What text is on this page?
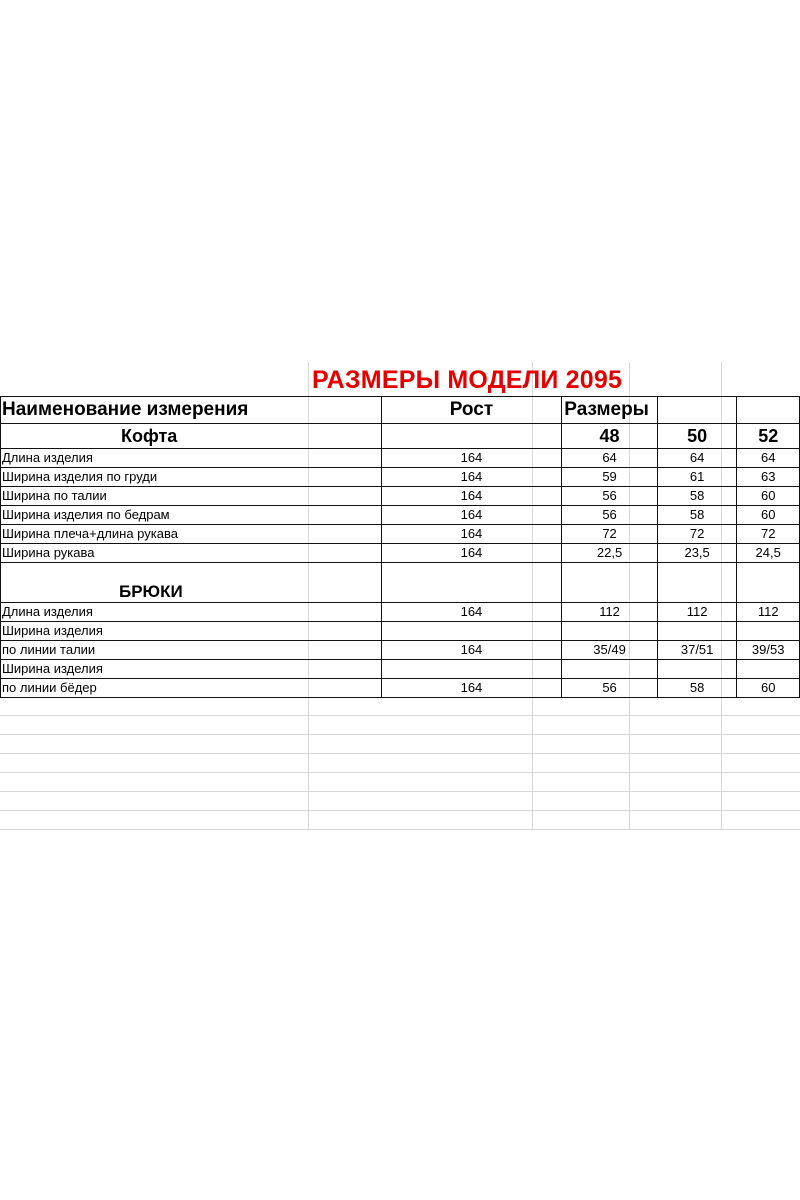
РАЗМЕРЫ МОДЕЛИ 2095
Наименование измерения	Рост	Размеры		
Кофта		48	50	52
Длина изделия	164	64	64	64
Ширина изделия по груди	164	59	61	63
Ширина по талии	164	56	58	60
Ширина изделия по бедрам	164	56	58	60
Ширина плеча+длина рукава	164	72	72	72
Ширина рукава	164	22,5	23,5	24,5

БРЮКИ				
Длина изделия	164	112	112	112
Ширина изделия				
по линии талии	164	35/49	37/51	39/53
Ширина изделия				
по линии бёдер	164	56	58	60
